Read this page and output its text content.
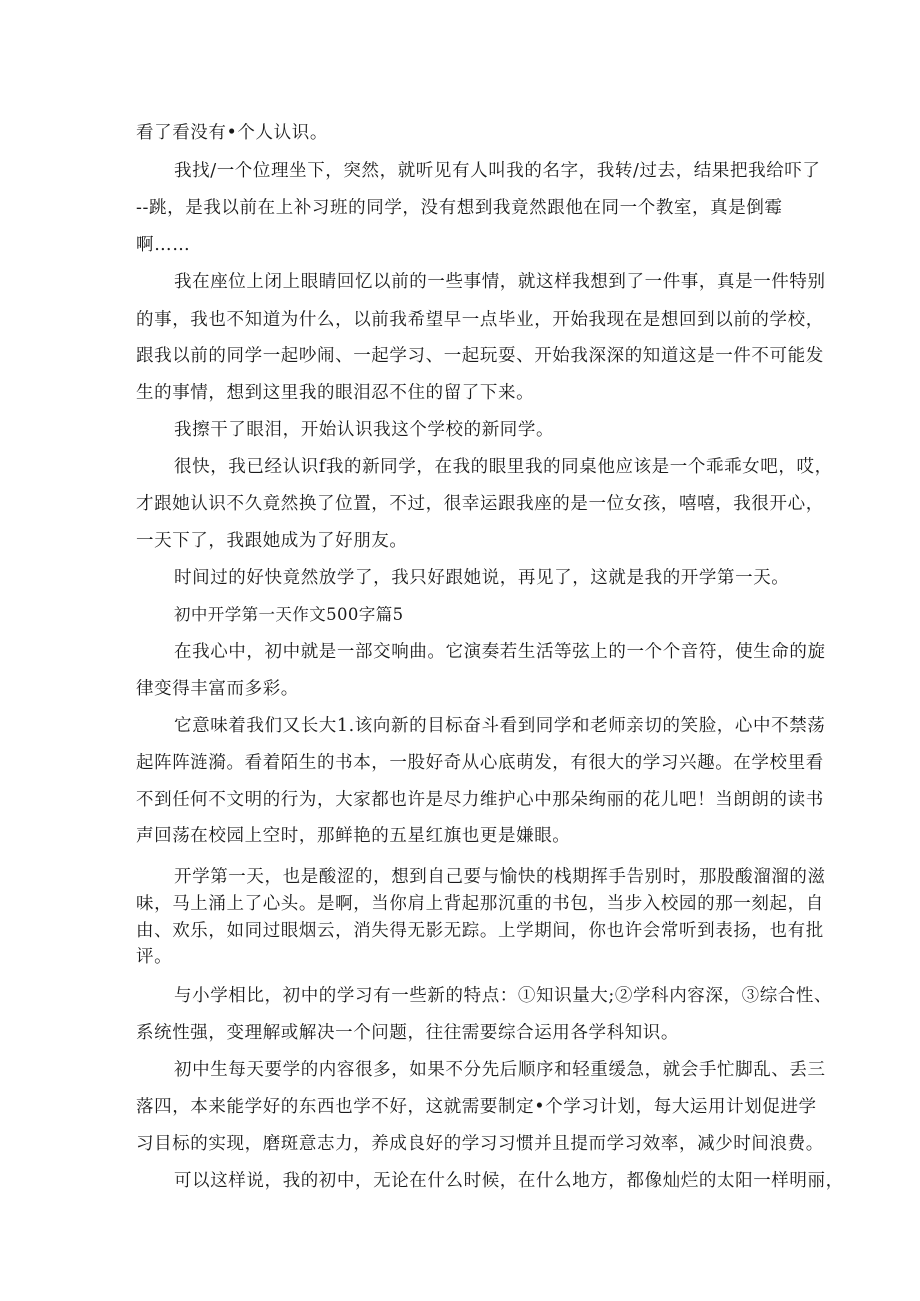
看了看没有•个人认识。
我找/一个位理坐下，突然，就听见有人叫我的名字，我转/过去，结果把我给吓了
--跳，是我以前在上补习班的同学，没有想到我竟然跟他在同一个教室，真是倒霉
啊……
我在座位上闭上眼睛回忆以前的一些事情，就这样我想到了一件事，真是一件特别
的事，我也不知道为什么，以前我希望早一点毕业，开始我现在是想回到以前的学校，
跟我以前的同学一起吵闹、一起学习、一起玩耍、开始我深深的知道这是一件不可能发
生的事情，想到这里我的眼泪忍不住的留了下来。
我擦干了眼泪，开始认识我这个学校的新同学。
很快，我已经认识f我的新同学，在我的眼里我的同桌他应该是一个乖乖女吧，哎，
才跟她认识不久竟然换了位置，不过，很幸运跟我座的是一位女孩，嘻嘻，我很开心，
一天下了，我跟她成为了好朋友。
时间过的好快竟然放学了，我只好跟她说，再见了，这就是我的开学第一天。
初中开学第一天作文500字篇5
在我心中，初中就是一部交响曲。它演奏若生活等弦上的一个个音符，使生命的旋
律变得丰富而多彩。
它意味着我们又长大1.该向新的目标奋斗看到同学和老师亲切的笑脸，心中不禁荡
起阵阵涟漪。看着陌生的书本，一股好奇从心底萌发，有很大的学习兴趣。在学校里看
不到任何不文明的行为，大家都也许是尽力维护心中那朵绚丽的花儿吧！当朗朗的读书
声回荡在校园上空时，那鲜艳的五星红旗也更是嫌眼。
开学第一天，也是酸涩的，想到自己要与愉快的栈期挥手告别时，那股酸溜溜的滋
味，马上涌上了心头。是啊，当你肩上背起那沉重的书包，当步入校园的那一刻起，自
由、欢乐，如同过眼烟云，消失得无影无踪。上学期间，你也许会常听到表扬，也有批
评。
与小学相比，初中的学习有一些新的特点：①知识量大;②学科内容深，③综合性、
系统性强，变理解或解决一个问题，往往需要综合运用各学科知识。
初中生每天要学的内容很多，如果不分先后顺序和轻重缓急，就会手忙脚乱、丢三
落四，本来能学好的东西也学不好，这就需要制定•个学习计划，每大运用计划促进学
习目标的实现，磨斑意志力，养成良好的学习习惯并且提而学习效率，减少时间浪费。
可以这样说，我的初中，无论在什么时候，在什么地方，都像灿烂的太阳一样明丽，
